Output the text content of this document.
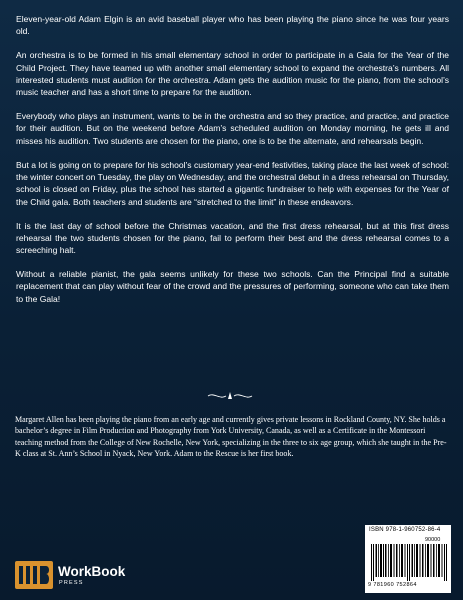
Eleven-year-old Adam Elgin is an avid baseball player who has been playing the piano since he was four years old.

An orchestra is to be formed in his small elementary school in order to participate in a Gala for the Year of the Child Project. They have teamed up with another small elementary school to expand the orchestra’s numbers. All interested students must audition for the orchestra. Adam gets the audition music for the piano, from the school’s music teacher and has a short time to prepare for the audition.

Everybody who plays an instrument, wants to be in the orchestra and so they practice, and practice, and practice for their audition. But on the weekend before Adam’s scheduled audition on Monday morning, he gets ill and misses his audition. Two students are chosen for the piano, one is to be the alternate, and rehearsals begin.

But a lot is going on to prepare for his school’s customary year-end festivities, taking place the last week of school: the winter concert on Tuesday, the play on Wednesday, and the orchestral debut in a dress rehearsal on Thursday, school is closed on Friday, plus the school has started a gigantic fundraiser to help with expenses for the Year of the Child gala. Both teachers and students are “stretched to the limit” in these endeavors.

It is the last day of school before the Christmas vacation, and the first dress rehearsal, but at this first dress rehearsal the two students chosen for the piano, fail to perform their best and the dress rehearsal comes to a screeching halt.

Without a reliable pianist, the gala seems unlikely for these two schools. Can the Principal find a suitable replacement that can play without fear of the crowd and the pressures of performing, someone who can take them to the Gala!

Margaret Allen has been playing the piano from an early age and currently gives private lessons in Rockland County, NY. She holds a bachelor’s degree in Film Production and Photography from York University, Canada, as well as a Certificate in the Montessori teaching method from the College of New Rochelle, New York, specializing in the three to six age group, which she taught in the Pre-K class at St. Ann’s School in Nyack, New York. Adam to the Rescue is her first book.
ISBN 978-1-960752-86-4
90000
9 781960 752864
WorkBook
PRESS
